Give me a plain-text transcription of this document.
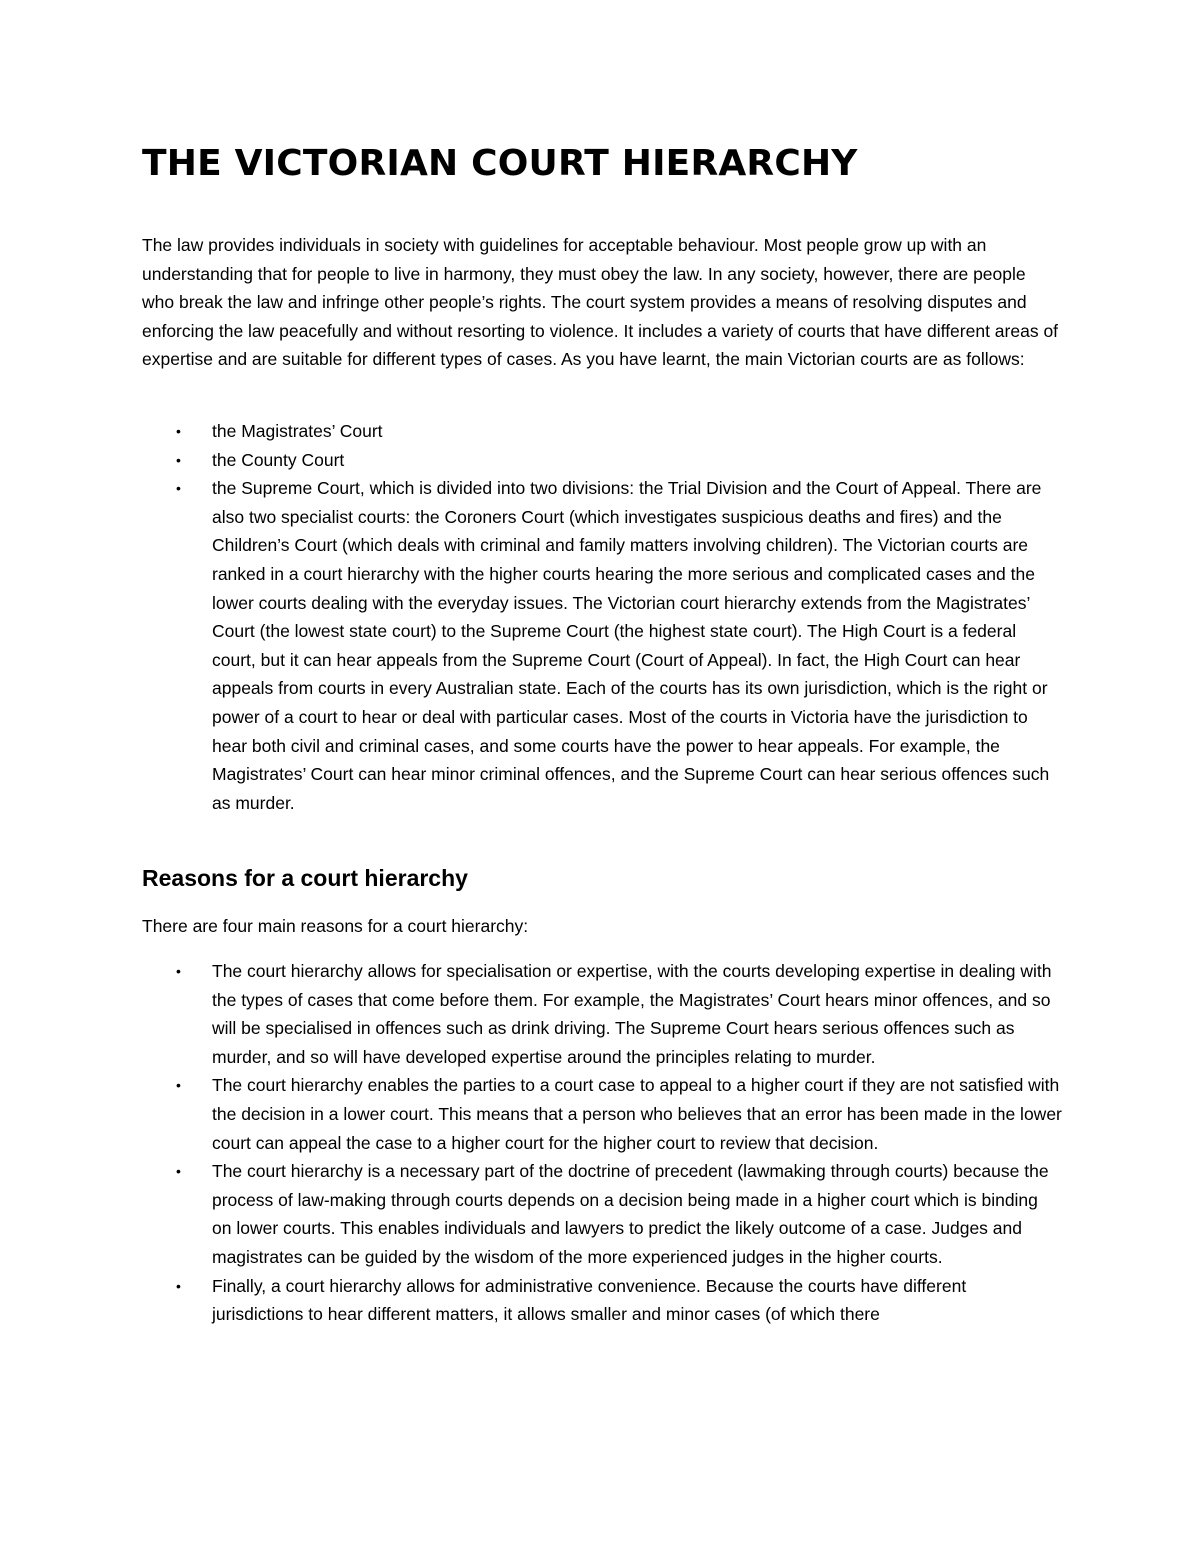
THE VICTORIAN COURT HIERARCHY

The law provides individuals in society with guidelines for acceptable behaviour. Most people grow up with an understanding that for people to live in harmony, they must obey the law. In any society, however, there are people who break the law and infringe other people’s rights. The court system provides a means of resolving disputes and enforcing the law peacefully and without resorting to violence. It includes a variety of courts that have different areas of expertise and are suitable for different types of cases. As you have learnt, the main Victorian courts are as follows:

• the Magistrates’ Court
• the County Court
• the Supreme Court, which is divided into two divisions: the Trial Division and the Court of Appeal. There are also two specialist courts: the Coroners Court (which investigates suspicious deaths and fires) and the Children’s Court (which deals with criminal and family matters involving children). The Victorian courts are ranked in a court hierarchy with the higher courts hearing the more serious and complicated cases and the lower courts dealing with the everyday issues. The Victorian court hierarchy extends from the Magistrates’ Court (the lowest state court) to the Supreme Court (the highest state court). The High Court is a federal court, but it can hear appeals from the Supreme Court (Court of Appeal). In fact, the High Court can hear appeals from courts in every Australian state. Each of the courts has its own jurisdiction, which is the right or power of a court to hear or deal with particular cases. Most of the courts in Victoria have the jurisdiction to hear both civil and criminal cases, and some courts have the power to hear appeals. For example, the Magistrates’ Court can hear minor criminal offences, and the Supreme Court can hear serious offences such as murder.
Reasons for a court hierarchy

There are four main reasons for a court hierarchy:

• The court hierarchy allows for specialisation or expertise, with the courts developing expertise in dealing with the types of cases that come before them. For example, the Magistrates’ Court hears minor offences, and so will be specialised in offences such as drink driving. The Supreme Court hears serious offences such as murder, and so will have developed expertise around the principles relating to murder.
• The court hierarchy enables the parties to a court case to appeal to a higher court if they are not satisfied with the decision in a lower court. This means that a person who believes that an error has been made in the lower court can appeal the case to a higher court for the higher court to review that decision.
• The court hierarchy is a necessary part of the doctrine of precedent (lawmaking through courts) because the process of law-making through courts depends on a decision being made in a higher court which is binding on lower courts. This enables individuals and lawyers to predict the likely outcome of a case. Judges and magistrates can be guided by the wisdom of the more experienced judges in the higher courts.
• Finally, a court hierarchy allows for administrative convenience. Because the courts have different jurisdictions to hear different matters, it allows smaller and minor cases (of which there
